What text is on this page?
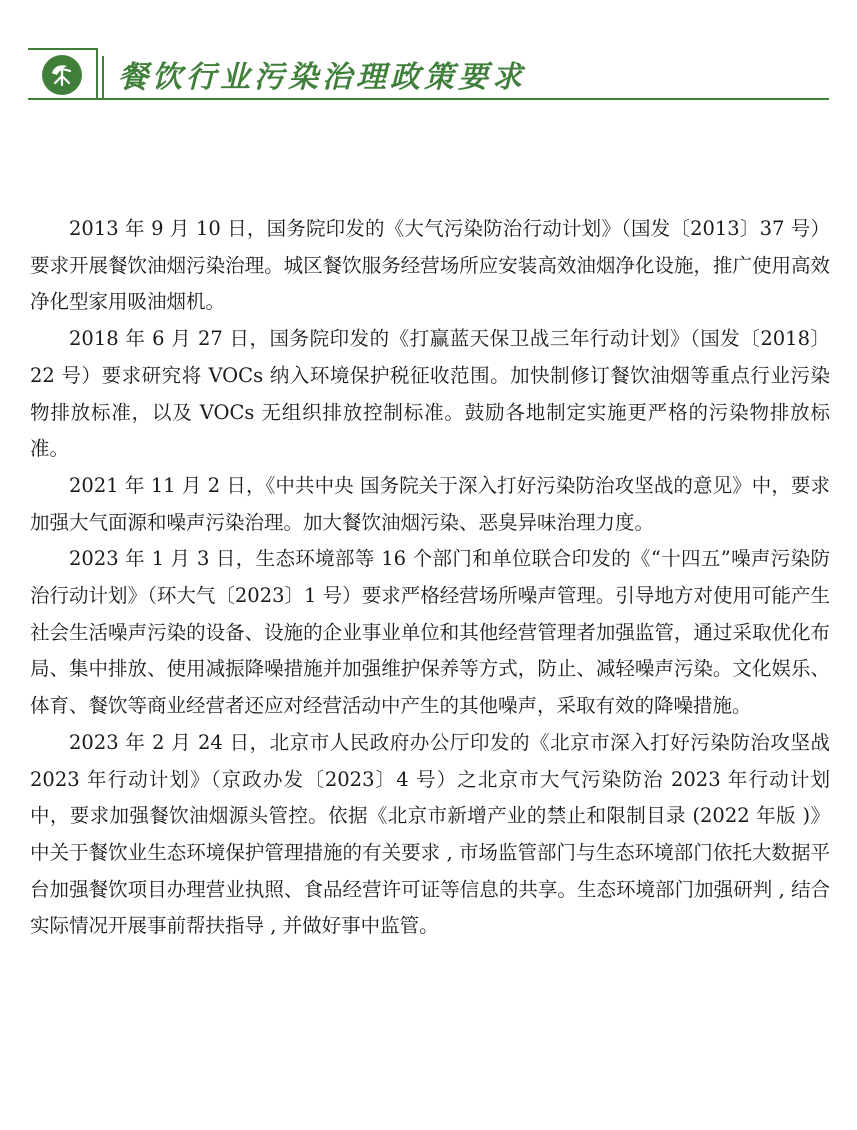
餐饮行业污染治理政策要求

2013 年 9 月 10 日，国务院印发的《大气污染防治行动计划》（国发〔2013〕37 号）要求开展餐饮油烟污染治理。城区餐饮服务经营场所应安装高效油烟净化设施，推广使用高效净化型家用吸油烟机。

2018 年 6 月 27 日，国务院印发的《打赢蓝天保卫战三年行动计划》（国发〔2018〕22 号）要求研究将 VOCs 纳入环境保护税征收范围。加快制修订餐饮油烟等重点行业污染物排放标准，以及 VOCs 无组织排放控制标准。鼓励各地制定实施更严格的污染物排放标准。

2021 年 11 月 2 日，《中共中央 国务院关于深入打好污染防治攻坚战的意见》中，要求加强大气面源和噪声污染治理。加大餐饮油烟污染、恶臭异味治理力度。

2023 年 1 月 3 日，生态环境部等 16 个部门和单位联合印发的《“十四五”噪声污染防治行动计划》（环大气〔2023〕1 号）要求严格经营场所噪声管理。引导地方对使用可能产生社会生活噪声污染的设备、设施的企业事业单位和其他经营管理者加强监管，通过采取优化布局、集中排放、使用减振降噪措施并加强维护保养等方式，防止、减轻噪声污染。文化娱乐、体育、餐饮等商业经营者还应对经营活动中产生的其他噪声，采取有效的降噪措施。

2023 年 2 月 24 日，北京市人民政府办公厅印发的《北京市深入打好污染防治攻坚战 2023 年行动计划》（京政办发〔2023〕4 号）之北京市大气污染防治 2023 年行动计划中，要求加强餐饮油烟源头管控。依据《北京市新增产业的禁止和限制目录 (2022 年版 )》中关于餐饮业生态环境保护管理措施的有关要求 , 市场监管部门与生态环境部门依托大数据平台加强餐饮项目办理营业执照、食品经营许可证等信息的共享。生态环境部门加强研判 , 结合实际情况开展事前帮扶指导 , 并做好事中监管。
